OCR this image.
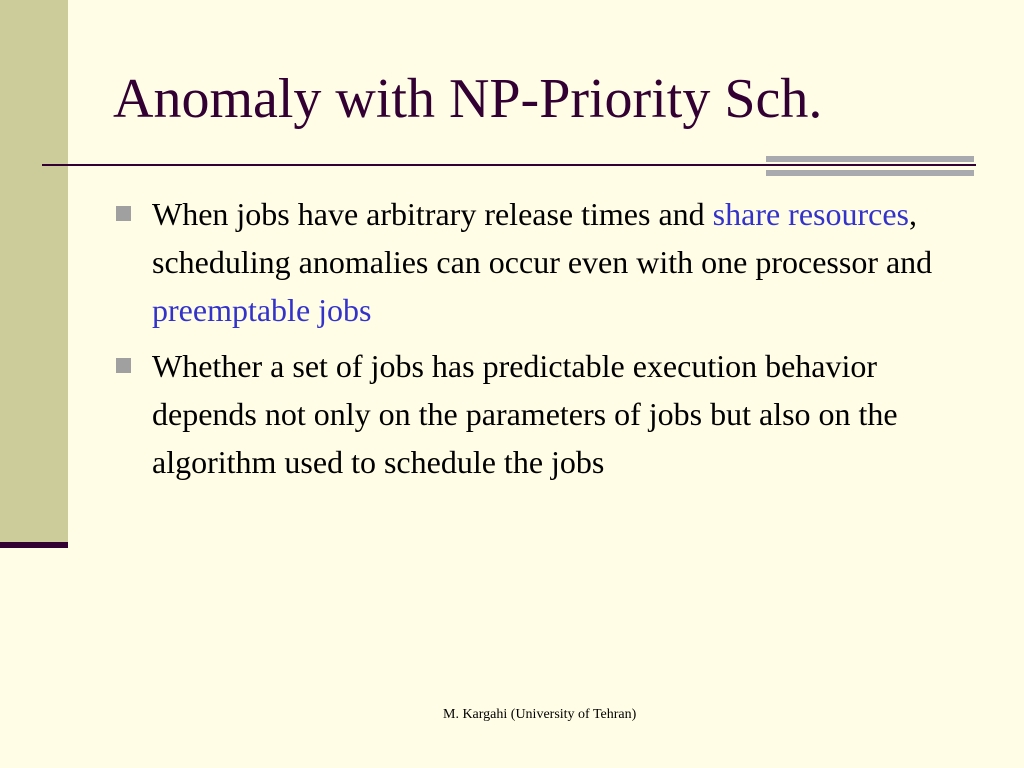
Anomaly with NP-Priority Sch.
When jobs have arbitrary release times and share resources, scheduling anomalies can occur even with one processor and preemptable jobs
Whether a set of jobs has predictable execution behavior depends not only on the parameters of jobs but also on the algorithm used to schedule the jobs
M. Kargahi (University of Tehran)
